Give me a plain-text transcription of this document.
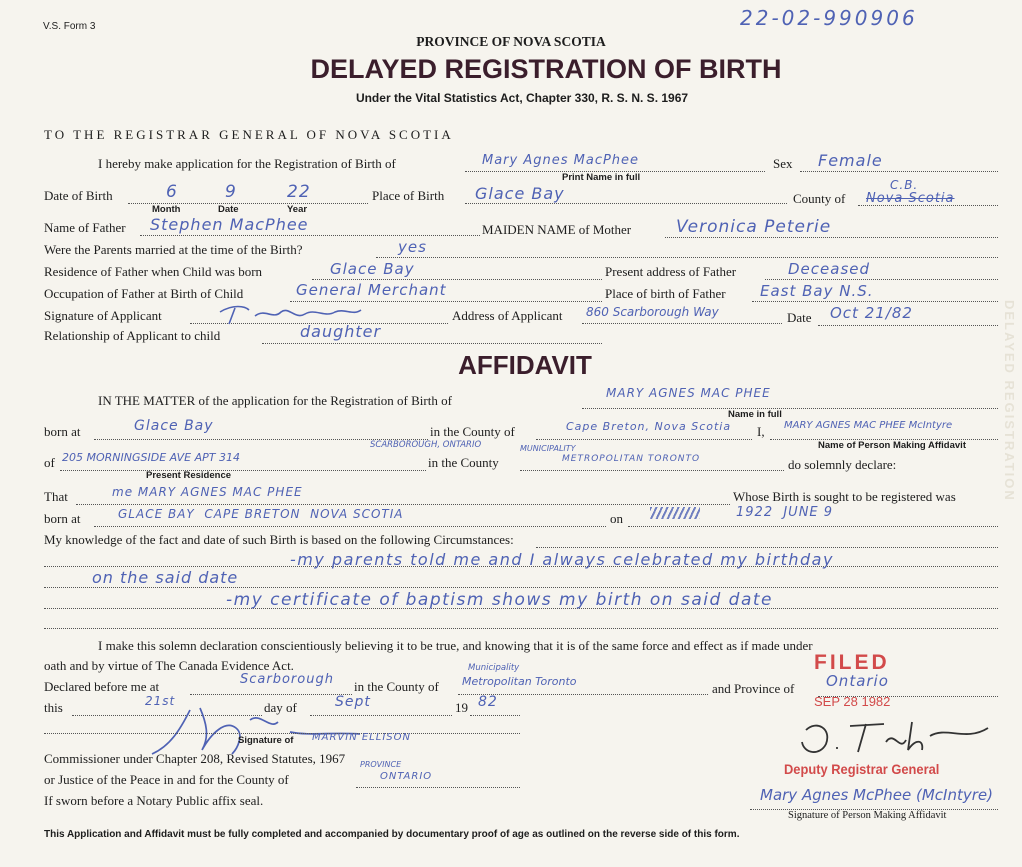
V.S. Form 3	22-02-990906
PROVINCE OF NOVA SCOTIA
DELAYED REGISTRATION OF BIRTH
Under the Vital Statistics Act, Chapter 330, R. S. N. S. 1967
TO THE REGISTRAR GENERAL OF NOVA SCOTIA
I hereby make application for the Registration of Birth of	Mary Agnes MacPhee
Print Name in full
Sex Female
Date of Birth	6	9	22
Month	Date	Year
Place of Birth Glace Bay	County of Nova Scotia
C.B.
Name of Father Stephen MacPhee	MAIDEN NAME of Mother	Veronica Peterie
Were the Parents married at the time of the Birth?	yes
Residence of Father when Child was born	Glace Bay	Present address of Father	Deceased
Occupation of Father at Birth of Child	General Merchant	Place of birth of Father East Bay N.S.
Signature of Applicant	Address of Applicant 860 Scarborough Way	Date Oct 21/82
Relationship of Applicant to child	daughter
AFFIDAVIT
IN THE MATTER of the application for the Registration of Birth of	MARY AGNES MAC PHEE
Name in full
born at	Glace Bay	in the County of	Cape Breton, Nova Scotia I, MARY AGNES MAC PHEE McIntyre
Name of Person Making Affidavit
of 205 MORNINGSIDE AVE APT 314
SCARBOROUGH, ONTARIO
Present Residence
in the County	METROPOLITAN TORONTO
MUNICIPALITY
do solemnly declare:
That	me MARY AGNES MAC PHEE	Whose Birth is sought to be registered was
born at	GLACE BAY  CAPE BRETON  NOVA SCOTIA	on	1922  JUNE 9
My knowledge of the fact and date of such Birth is based on the following Circumstances:
-my parents told me and I always celebrated my birthday
on the said date
-my certificate of baptism shows my birth on said date
I make this solemn declaration conscientiously believing it to be true, and knowing that it is of the same force and effect as if made under
oath and by virtue of The Canada Evidence Act.
Declared before me at	Scarborough in the County of Metropolitan Toronto
Municipality
and Province of Ontario
this	21st	day of	Sept	19 82
Signature of MARVIN ELLISON
Commissioner under Chapter 208, Revised Statutes, 1967
or Justice of the Peace in and for the County of	ONTARIO
PROVINCE
If sworn before a Notary Public affix seal.
FILED
SEP 28 1982
Deputy Registrar General
Mary Agnes McPhee (McIntyre)
Signature of Person Making Affidavit
DELAYED REGISTRATION
This Application and Affidavit must be fully completed and accompanied by documentary proof of age as outlined on the reverse side of this form.
